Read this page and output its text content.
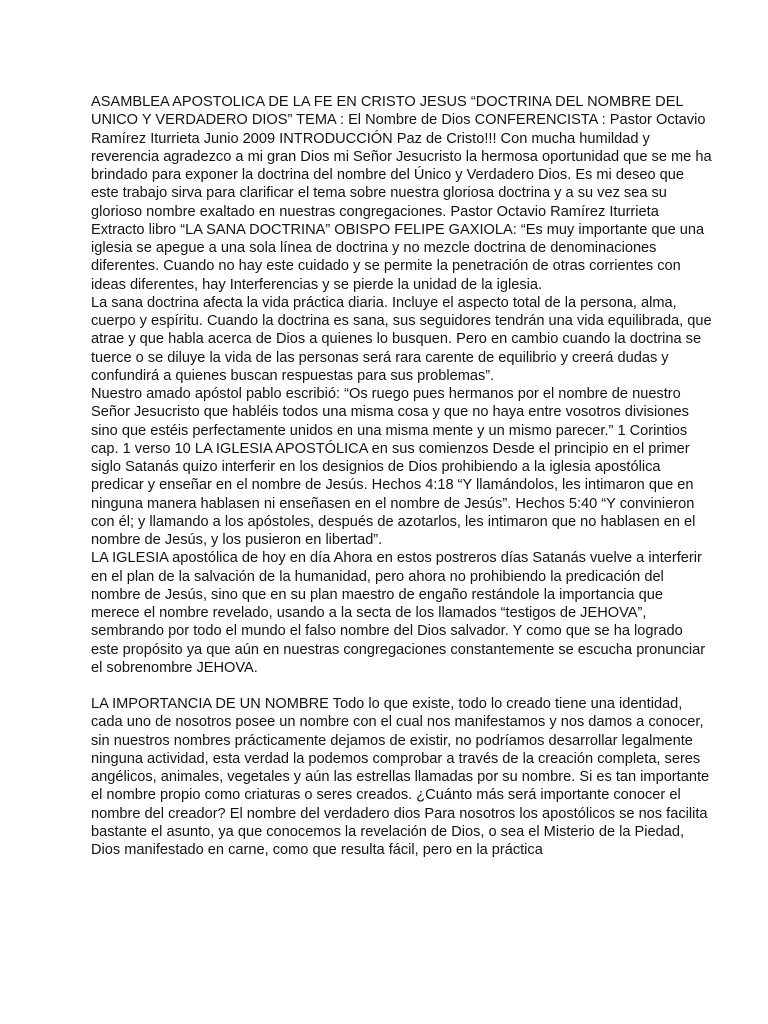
ASAMBLEA APOSTOLICA DE LA FE EN CRISTO JESUS “DOCTRINA DEL NOMBRE DEL UNICO Y VERDADERO DIOS” TEMA : El Nombre de Dios CONFERENCISTA : Pastor Octavio Ramírez Iturrieta Junio 2009 INTRODUCCIÓN Paz de Cristo!!! Con mucha humildad y reverencia agradezco a mi gran Dios mi Señor Jesucristo la hermosa oportunidad que se me ha brindado para exponer la doctrina del nombre del Único y Verdadero Dios. Es mi deseo que este trabajo sirva para clarificar el tema sobre nuestra gloriosa doctrina y a su vez sea su glorioso nombre exaltado en nuestras congregaciones. Pastor Octavio Ramírez Iturrieta Extracto libro “LA SANA DOCTRINA” OBISPO FELIPE GAXIOLA: “Es muy importante que una iglesia se apegue a una sola línea de doctrina y no mezcle doctrina de denominaciones diferentes. Cuando no hay este cuidado y se permite la penetración de otras corrientes con ideas diferentes, hay Interferencias y se pierde la unidad de la iglesia.

La sana doctrina afecta la vida práctica diaria. Incluye el aspecto total de la persona, alma, cuerpo y espíritu. Cuando la doctrina es sana, sus seguidores tendrán una vida equilibrada, que atrae y que habla acerca de Dios a quienes lo busquen. Pero en cambio cuando la doctrina se tuerce o se diluye la vida de las personas será rara carente de equilibrio y creerá dudas y confundirá a quienes buscan respuestas para sus problemas”.

Nuestro amado apóstol pablo escribió: “Os ruego pues hermanos por el nombre de nuestro Señor Jesucristo que habléis todos una misma cosa y que no haya entre vosotros divisiones sino que estéis perfectamente unidos en una misma mente y un mismo parecer.” 1 Corintios cap. 1 verso 10 LA IGLESIA APOSTÓLICA en sus comienzos Desde el principio en el primer siglo Satanás quizo interferir en los designios de Dios prohibiendo a la iglesia apostólica predicar y enseñar en el nombre de Jesús. Hechos 4:18 “Y llamándolos, les intimaron que en ninguna manera hablasen ni enseñasen en el nombre de Jesús”. Hechos 5:40 “Y convinieron con él; y llamando a los apóstoles, después de azotarlos, les intimaron que no hablasen en el nombre de Jesús, y los pusieron en libertad”.

LA IGLESIA apostólica de hoy en día Ahora en estos postreros días Satanás vuelve a interferir en el plan de la salvación de la humanidad, pero ahora no prohibiendo la predicación del nombre de Jesús, sino que en su plan maestro de engaño restándole la importancia que merece el nombre revelado, usando a la secta de los llamados “testigos de JEHOVA”, sembrando por todo el mundo el falso nombre del Dios salvador. Y como que se ha logrado este propósito ya que aún en nuestras congregaciones constantemente se escucha pronunciar el sobrenombre JEHOVA.

LA IMPORTANCIA DE UN NOMBRE Todo lo que existe, todo lo creado tiene una identidad, cada uno de nosotros posee un nombre con el cual nos manifestamos y nos damos a conocer, sin nuestros nombres prácticamente dejamos de existir, no podríamos desarrollar legalmente ninguna actividad, esta verdad la podemos comprobar a través de la creación completa, seres angélicos, animales, vegetales y aún las estrellas llamadas por su nombre. Si es tan importante el nombre propio como criaturas o seres creados. ¿Cuánto más será importante conocer el nombre del creador? El nombre del verdadero dios Para nosotros los apostólicos se nos facilita bastante el asunto, ya que conocemos la revelación de Dios, o sea el Misterio de la Piedad, Dios manifestado en carne, como que resulta fácil, pero en la práctica
